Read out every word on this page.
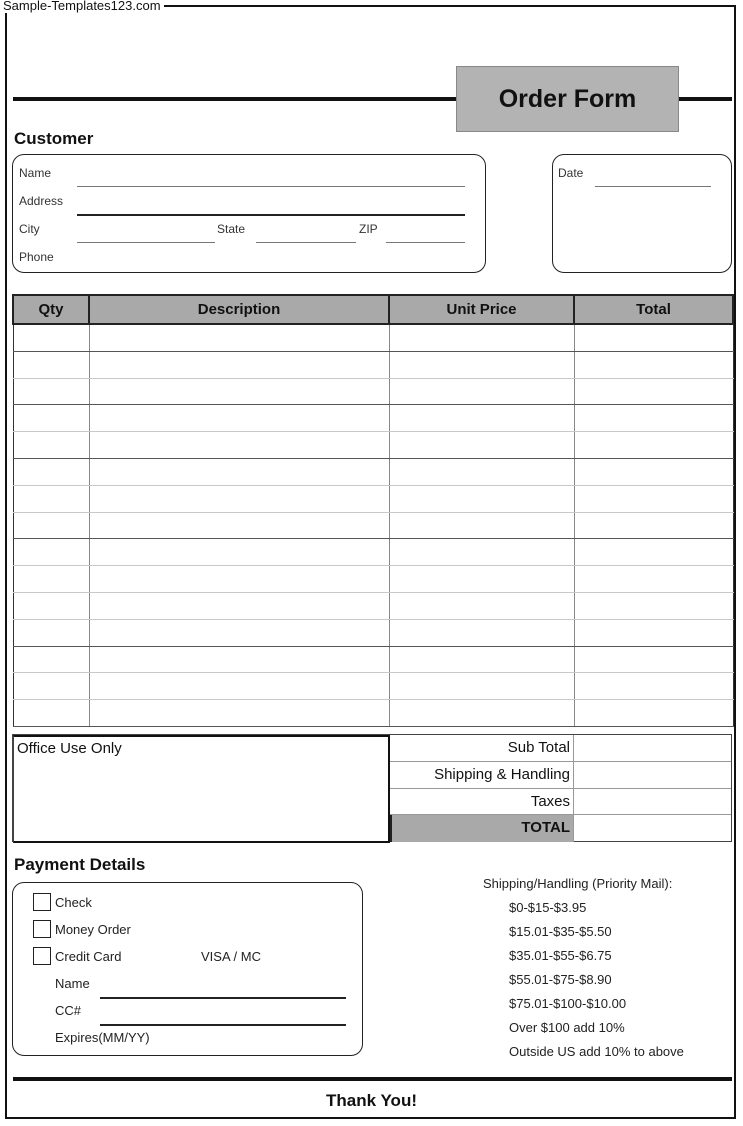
Sample-Templates123.com
Order Form
Customer
Name
Address
City	State	ZIP
Phone
Date
Qty	Description	Unit Price	Total

Office Use Only	Sub Total
Shipping & Handling
Taxes
TOTAL
Payment Details
Check
Money Order
Credit Card	VISA / MC
Name
CC#
Expires(MM/YY)
Shipping/Handling (Priority Mail):
$0-$15-$3.95
$15.01-$35-$5.50
$35.01-$55-$6.75
$55.01-$75-$8.90
$75.01-$100-$10.00
Over $100 add 10%
Outside US add 10% to above
Thank You!
